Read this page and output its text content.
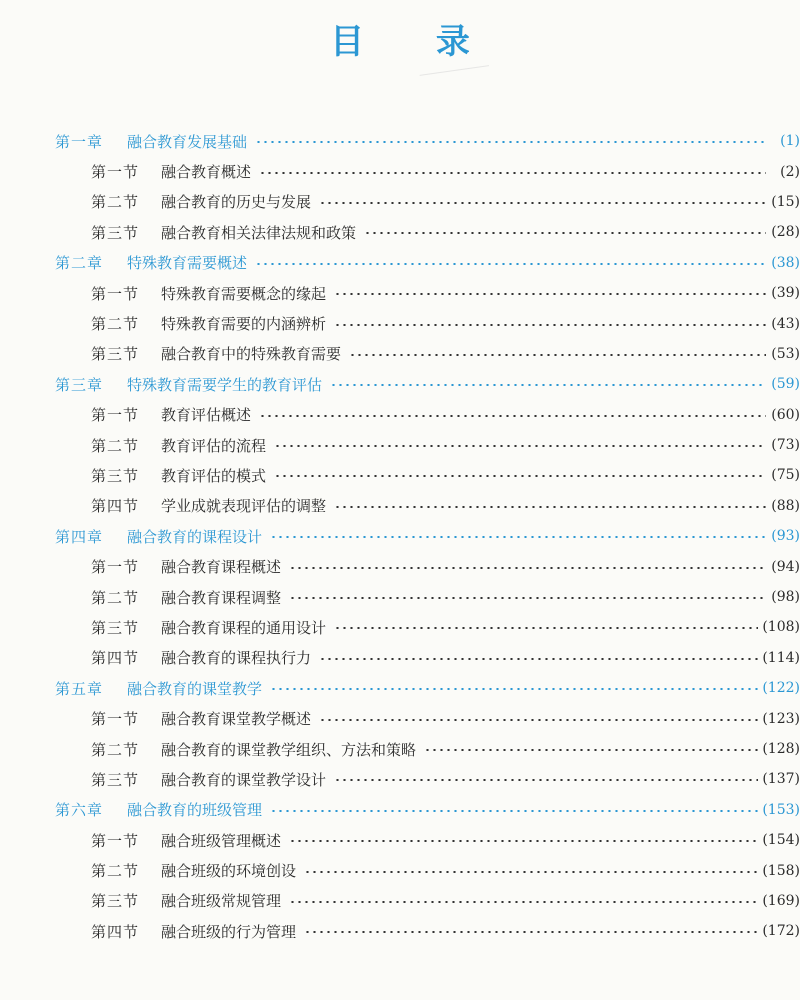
目 录
第一章	融合教育发展基础	(1)
第一节	融合教育概述	(2)
第二节	融合教育的历史与发展	(15)
第三节	融合教育相关法律法规和政策	(28)
第二章	特殊教育需要概述	(38)
第一节	特殊教育需要概念的缘起	(39)
第二节	特殊教育需要的内涵辨析	(43)
第三节	融合教育中的特殊教育需要	(53)
第三章	特殊教育需要学生的教育评估	(59)
第一节	教育评估概述	(60)
第二节	教育评估的流程	(73)
第三节	教育评估的模式	(75)
第四节	学业成就表现评估的调整	(88)
第四章	融合教育的课程设计	(93)
第一节	融合教育课程概述	(94)
第二节	融合教育课程调整	(98)
第三节	融合教育课程的通用设计	(108)
第四节	融合教育的课程执行力	(114)
第五章	融合教育的课堂教学	(122)
第一节	融合教育课堂教学概述	(123)
第二节	融合教育的课堂教学组织、方法和策略	(128)
第三节	融合教育的课堂教学设计	(137)
第六章	融合教育的班级管理	(153)
第一节	融合班级管理概述	(154)
第二节	融合班级的环境创设	(158)
第三节	融合班级常规管理	(169)
第四节	融合班级的行为管理	(172)
